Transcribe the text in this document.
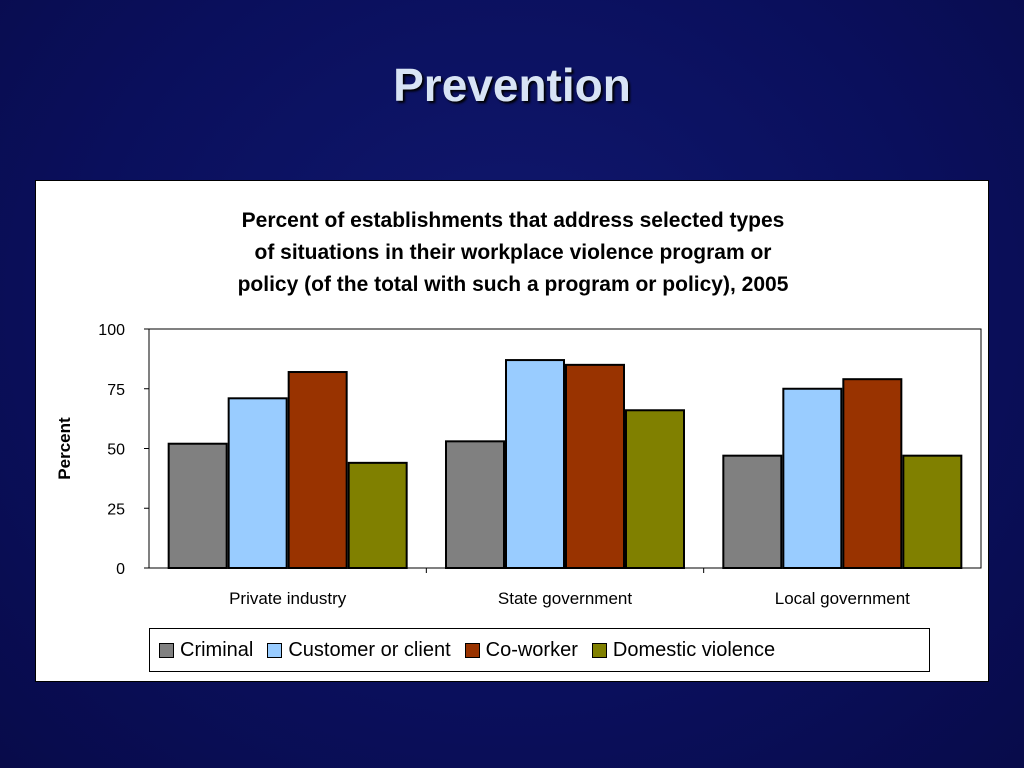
Prevention
Percent of establishments that address selected types
of situations in their workplace violence program or
policy (of the total with such a program or policy), 2005
0
25
50
75
100
Percent
Private industry	State government	Local government
Criminal Customer or client Co-worker Domestic violence
